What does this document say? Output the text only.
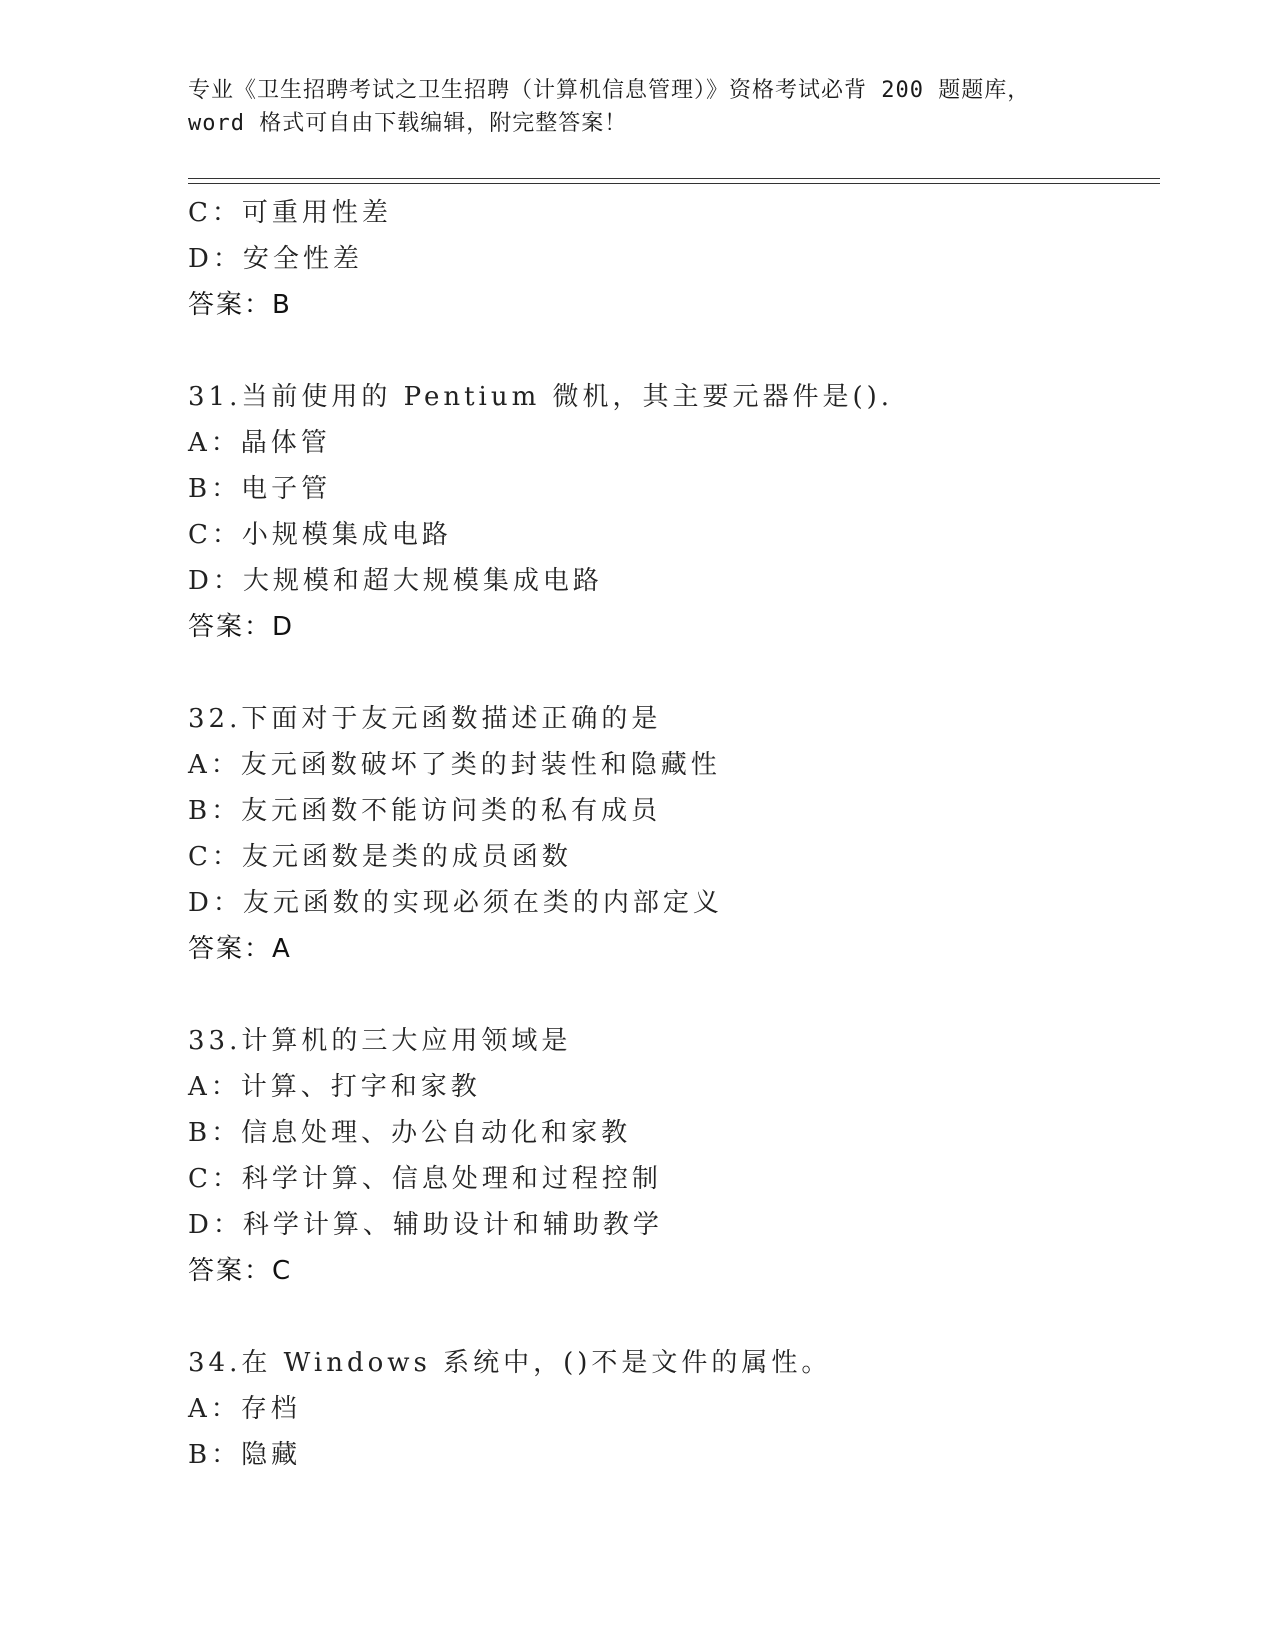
专业《卫生招聘考试之卫生招聘（计算机信息管理）》资格考试必背 200 题题库，
word 格式可自由下载编辑，附完整答案！
C：可重用性差
D：安全性差
答案：B
31.当前使用的 Pentium 微机，其主要元器件是().
A：晶体管
B：电子管
C：小规模集成电路
D：大规模和超大规模集成电路
答案：D
32.下面对于友元函数描述正确的是
A：友元函数破坏了类的封装性和隐藏性
B：友元函数不能访问类的私有成员
C：友元函数是类的成员函数
D：友元函数的实现必须在类的内部定义
答案：A
33.计算机的三大应用领域是
A：计算、打字和家教
B：信息处理、办公自动化和家教
C：科学计算、信息处理和过程控制
D：科学计算、辅助设计和辅助教学
答案：C
34.在 Windows 系统中，()不是文件的属性。
A：存档
B：隐藏
